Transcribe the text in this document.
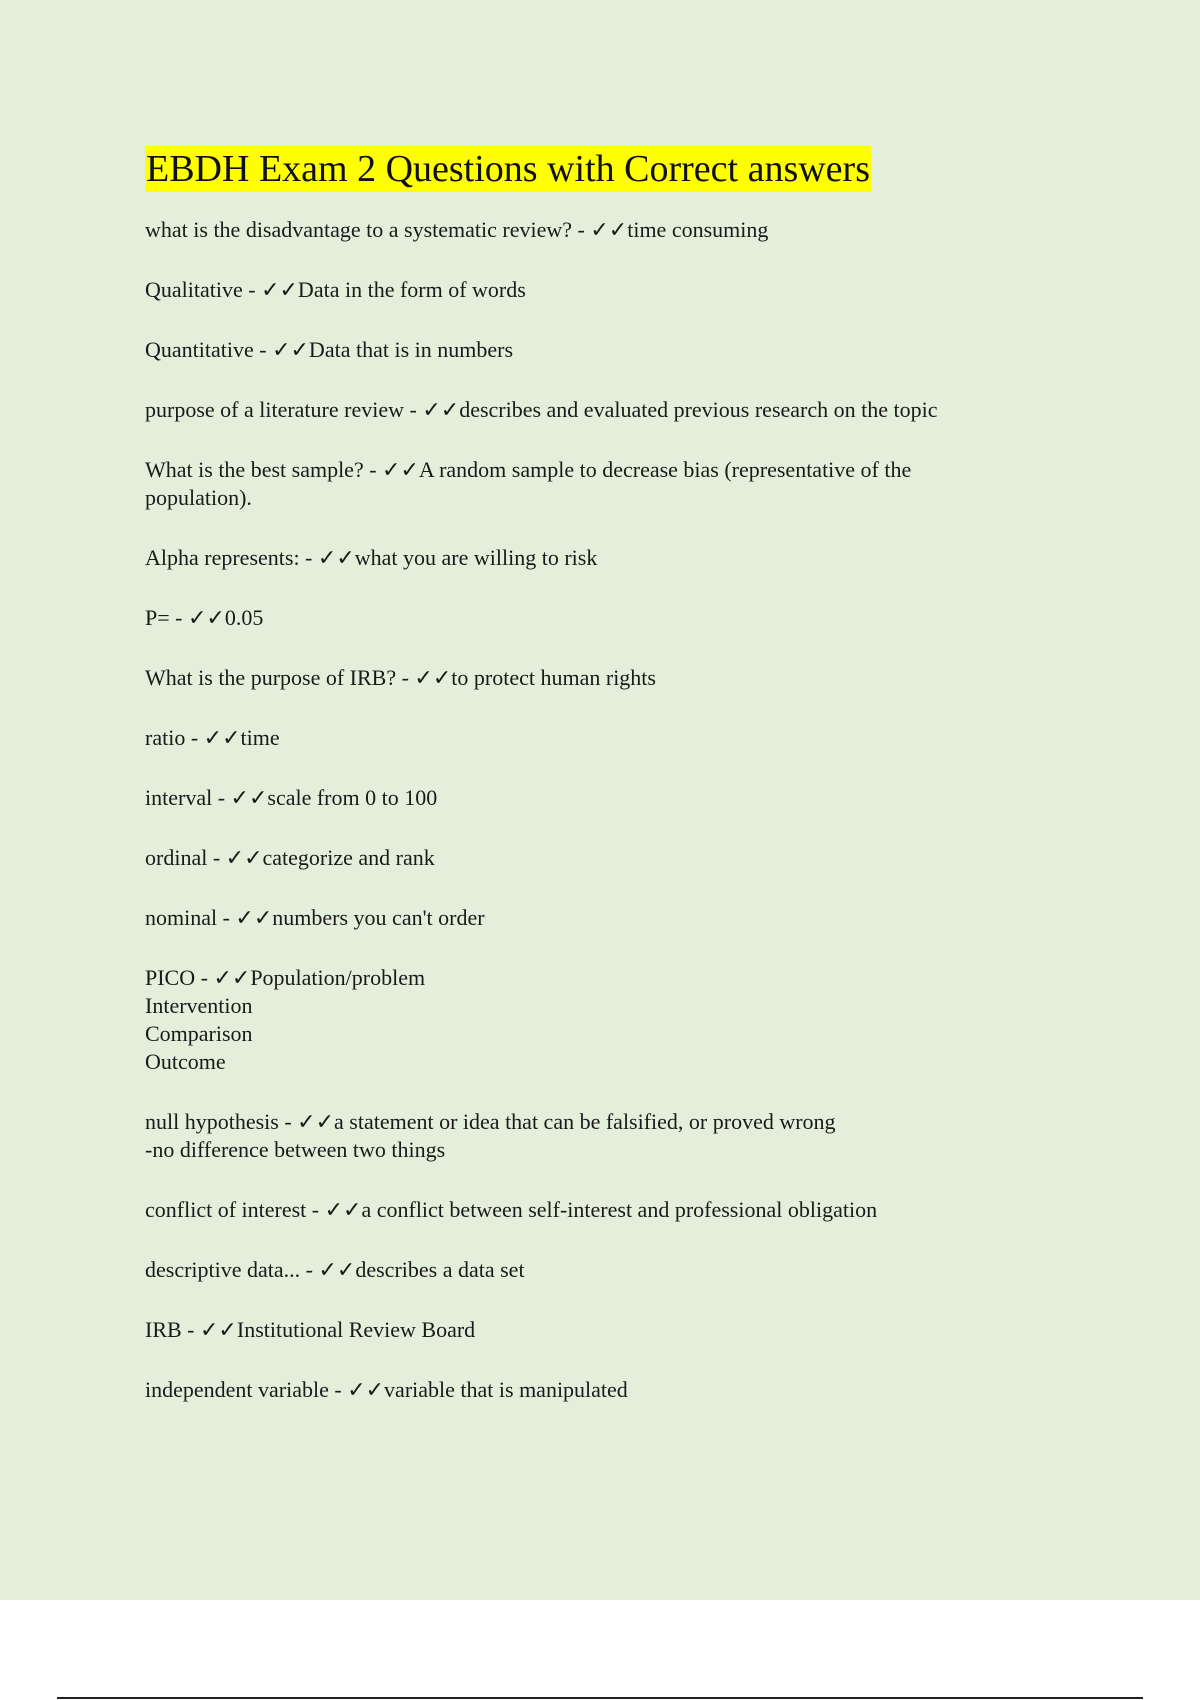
EBDH Exam 2 Questions with Correct answers
what is the disadvantage to a systematic review? - ✓✓time consuming
Qualitative - ✓✓Data in the form of words
Quantitative - ✓✓Data that is in numbers
purpose of a literature review - ✓✓describes and evaluated previous research on the topic
What is the best sample? - ✓✓A random sample to decrease bias (representative of the
population).
Alpha represents: - ✓✓what you are willing to risk
P= - ✓✓0.05
What is the purpose of IRB? - ✓✓to protect human rights
ratio - ✓✓time
interval - ✓✓scale from 0 to 100
ordinal - ✓✓categorize and rank
nominal - ✓✓numbers you can't order
PICO - ✓✓Population/problem
Intervention
Comparison
Outcome
null hypothesis - ✓✓a statement or idea that can be falsified, or proved wrong
-no difference between two things
conflict of interest - ✓✓a conflict between self-interest and professional obligation
descriptive data... - ✓✓describes a data set
IRB - ✓✓Institutional Review Board
independent variable - ✓✓variable that is manipulated
